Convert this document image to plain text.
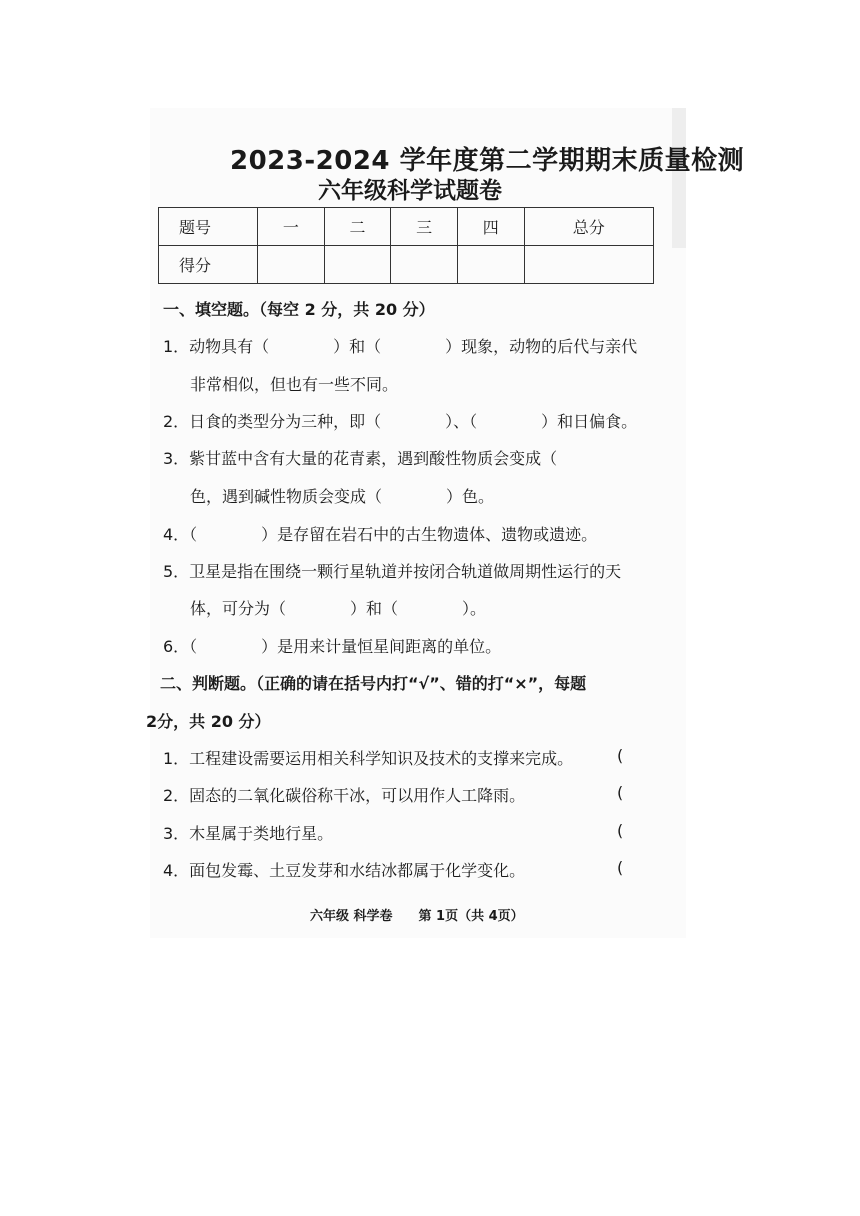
2023-2024 学年度第二学期期末质量检测
六年级科学试题卷
题号	一	二	三	四	总分
得分					
一、填空题。（每空 2 分，共 20 分）
1．动物具有（　　　　）和（　　　　）现象，动物的后代与亲代
非常相似，但也有一些不同。
2．日食的类型分为三种，即（　　　　）、（　　　　）和日偏食。
3．紫甘蓝中含有大量的花青素，遇到酸性物质会变成（
色，遇到碱性物质会变成（　　　　）色。
4．（　　　　）是存留在岩石中的古生物遗体、遗物或遗迹。
5．卫星是指在围绕一颗行星轨道并按闭合轨道做周期性运行的天
体，可分为（　　　　）和（　　　　）。
6．（　　　　）是用来计量恒星间距离的单位。
二、判断题。（正确的请在括号内打“√”、错的打“×”，每题
2分，共 20 分）
1．工程建设需要运用相关科学知识及技术的支撑来完成。	(
2．固态的二氧化碳俗称干冰，可以用作人工降雨。	(
3．木星属于类地行星。	(
4．面包发霉、土豆发芽和水结冰都属于化学变化。	(
六年级 科学卷　　第 1页（共 4页）
